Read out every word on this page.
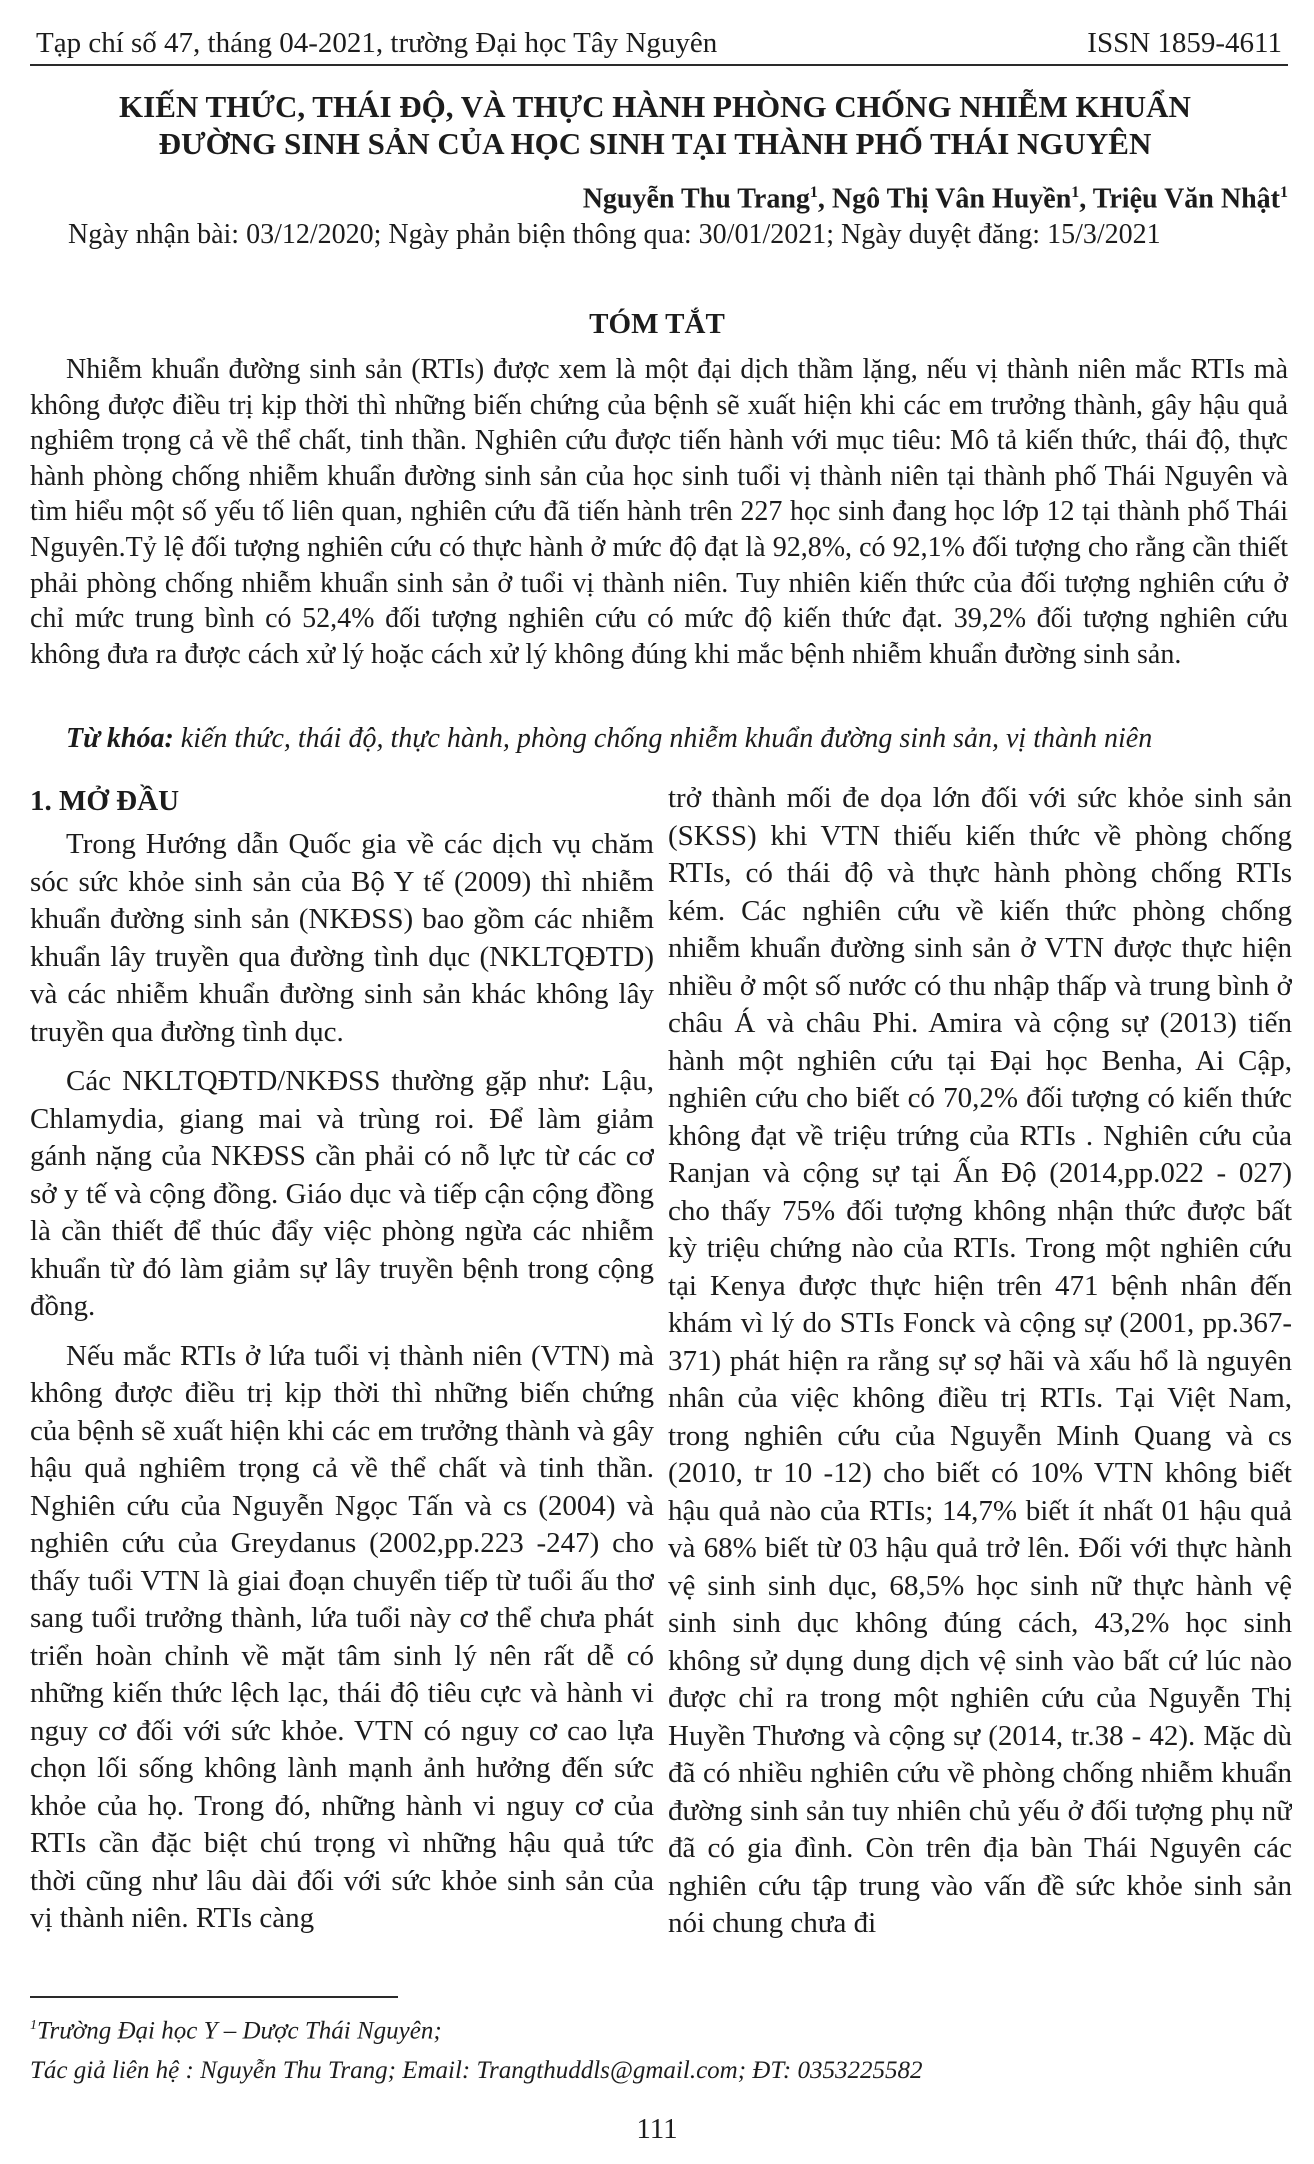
Tạp chí số 47, tháng 04-2021, trường Đại học Tây Nguyên	ISSN 1859-4611
KIẾN THỨC, THÁI ĐỘ, VÀ THỰC HÀNH PHÒNG CHỐNG NHIỄM KHUẨN
ĐƯỜNG SINH SẢN CỦA HỌC SINH TẠI THÀNH PHỐ THÁI NGUYÊN
Nguyễn Thu Trang$^1$, Ngô Thị Vân Huyền$^1$, Triệu Văn Nhật$^1$
Ngày nhận bài: 03/12/2020; Ngày phản biện thông qua: 30/01/2021; Ngày duyệt đăng: 15/3/2021
TÓM TẮT

Nhiễm khuẩn đường sinh sản (RTIs) được xem là một đại dịch thầm lặng, nếu vị thành niên mắc RTIs mà không được điều trị kịp thời thì những biến chứng của bệnh sẽ xuất hiện khi các em trưởng thành, gây hậu quả nghiêm trọng cả về thể chất, tinh thần. Nghiên cứu được tiến hành với mục tiêu: Mô tả kiến thức, thái độ, thực hành phòng chống nhiễm khuẩn đường sinh sản của học sinh tuổi vị thành niên tại thành phố Thái Nguyên và tìm hiểu một số yếu tố liên quan, nghiên cứu đã tiến hành trên 227 học sinh đang học lớp 12 tại thành phố Thái Nguyên.Tỷ lệ đối tượng nghiên cứu có thực hành ở mức độ đạt là 92,8%, có 92,1% đối tượng cho rằng cần thiết phải phòng chống nhiễm khuẩn sinh sản ở tuổi vị thành niên. Tuy nhiên kiến thức của đối tượng nghiên cứu ở chỉ mức trung bình có 52,4% đối tượng nghiên cứu có mức độ kiến thức đạt. 39,2% đối tượng nghiên cứu không đưa ra được cách xử lý hoặc cách xử lý không đúng khi mắc bệnh nhiễm khuẩn đường sinh sản.

Từ khóa: kiến thức, thái độ, thực hành, phòng chống nhiễm khuẩn đường sinh sản, vị thành niên

1. MỞ ĐẦU

Trong Hướng dẫn Quốc gia về các dịch vụ chăm sóc sức khỏe sinh sản của Bộ Y tế (2009) thì nhiễm khuẩn đường sinh sản (NKĐSS) bao gồm các nhiễm khuẩn lây truyền qua đường tình dục (NKLTQĐTD) và các nhiễm khuẩn đường sinh sản khác không lây truyền qua đường tình dục.

Các NKLTQĐTD/NKĐSS thường gặp như: Lậu, Chlamydia, giang mai và trùng roi. Để làm giảm gánh nặng của NKĐSS cần phải có nỗ lực từ các cơ sở y tế và cộng đồng. Giáo dục và tiếp cận cộng đồng là cần thiết để thúc đẩy việc phòng ngừa các nhiễm khuẩn từ đó làm giảm sự lây truyền bệnh trong cộng đồng.

Nếu mắc RTIs ở lứa tuổi vị thành niên (VTN) mà không được điều trị kịp thời thì những biến chứng của bệnh sẽ xuất hiện khi các em trưởng thành và gây hậu quả nghiêm trọng cả về thể chất và tinh thần. Nghiên cứu của Nguyễn Ngọc Tấn và cs (2004) và nghiên cứu của Greydanus (2002,pp.223 -247) cho thấy tuổi VTN là giai đoạn chuyển tiếp từ tuổi ấu thơ sang tuổi trưởng thành, lứa tuổi này cơ thể chưa phát triển hoàn chỉnh về mặt tâm sinh lý nên rất dễ có những kiến thức lệch lạc, thái độ tiêu cực và hành vi nguy cơ đối với sức khỏe. VTN có nguy cơ cao lựa chọn lối sống không lành mạnh ảnh hưởng đến sức khỏe của họ. Trong đó, những hành vi nguy cơ của RTIs cần đặc biệt chú trọng vì những hậu quả tức thời cũng như lâu dài đối với sức khỏe sinh sản của vị thành niên. RTIs càng

trở thành mối đe dọa lớn đối với sức khỏe sinh sản (SKSS) khi VTN thiếu kiến thức về phòng chống RTIs, có thái độ và thực hành phòng chống RTIs kém. Các nghiên cứu về kiến thức phòng chống nhiễm khuẩn đường sinh sản ở VTN được thực hiện nhiều ở một số nước có thu nhập thấp và trung bình ở châu Á và châu Phi. Amira và cộng sự (2013) tiến hành một nghiên cứu tại Đại học Benha, Ai Cập, nghiên cứu cho biết có 70,2% đối tượng có kiến thức không đạt về triệu trứng của RTIs . Nghiên cứu của Ranjan và cộng sự tại Ấn Độ (2014,pp.022 - 027) cho thấy 75% đối tượng không nhận thức được bất kỳ triệu chứng nào của RTIs. Trong một nghiên cứu tại Kenya được thực hiện trên 471 bệnh nhân đến khám vì lý do STIs Fonck và cộng sự (2001, pp.367-371) phát hiện ra rằng sự sợ hãi và xấu hổ là nguyên nhân của việc không điều trị RTIs. Tại Việt Nam, trong nghiên cứu của Nguyễn Minh Quang và cs (2010, tr 10 -12) cho biết có 10% VTN không biết hậu quả nào của RTIs; 14,7% biết ít nhất 01 hậu quả và 68% biết từ 03 hậu quả trở lên. Đối với thực hành vệ sinh sinh dục, 68,5% học sinh nữ thực hành vệ sinh sinh dục không đúng cách, 43,2% học sinh không sử dụng dung dịch vệ sinh vào bất cứ lúc nào được chỉ ra trong một nghiên cứu của Nguyễn Thị Huyền Thương và cộng sự (2014, tr.38 - 42). Mặc dù đã có nhiều nghiên cứu về phòng chống nhiễm khuẩn đường sinh sản tuy nhiên chủ yếu ở đối tượng phụ nữ đã có gia đình. Còn trên địa bàn Thái Nguyên các nghiên cứu tập trung vào vấn đề sức khỏe sinh sản nói chung chưa đi

$^1$Trường Đại học Y – Dược Thái Nguyên;
Tác giả liên hệ : Nguyễn Thu Trang; Email: Trangthuddls@gmail.com; ĐT: 0353225582
111
